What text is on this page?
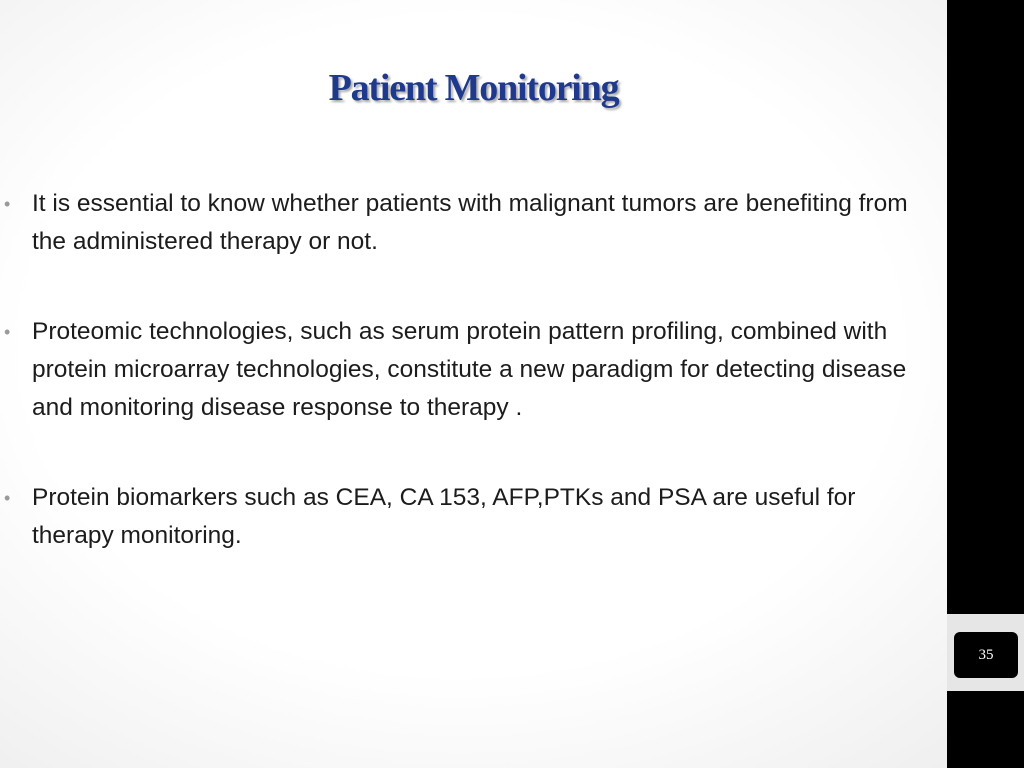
Patient Monitoring
• It is essential to know whether patients with malignant tumors are benefiting from the administered therapy or not.
• Proteomic technologies, such as serum protein pattern profiling, combined with protein microarray technologies, constitute a new paradigm for detecting disease and monitoring disease response to therapy .
• Protein biomarkers such as CEA, CA 153, AFP,PTKs and PSA are useful for therapy monitoring.
35
